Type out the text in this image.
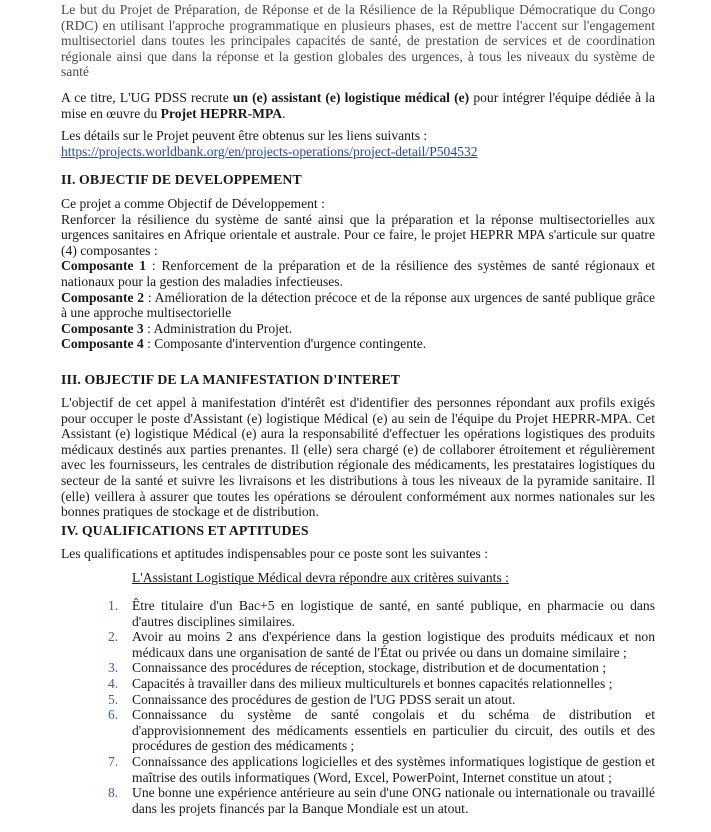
Le but du Projet de Préparation, de Réponse et de la Résilience de la République Démocratique du Congo (RDC) en utilisant l'approche programmatique en plusieurs phases, est de mettre l'accent sur l'engagement multisectoriel dans toutes les principales capacités de santé, de prestation de services et de coordination régionale ainsi que dans la réponse et la gestion globales des urgences, à tous les niveaux du système de santé

A ce titre, L'UG PDSS recrute un (e) assistant (e) logistique médical (e) pour intégrer l'équipe dédiée à la mise en œuvre du Projet HEPRR-MPA.

Les détails sur le Projet peuvent être obtenus sur les liens suivants :

https://projects.worldbank.org/en/projects-operations/project-detail/P504532

II. OBJECTIF DE DEVELOPPEMENT

Ce projet a comme Objectif de Développement :

Renforcer la résilience du système de santé ainsi que la préparation et la réponse multisectorielles aux urgences sanitaires en Afrique orientale et australe. Pour ce faire, le projet HEPRR MPA s'articule sur quatre (4) composantes :

Composante 1 : Renforcement de la préparation et de la résilience des systèmes de santé régionaux et nationaux pour la gestion des maladies infectieuses.

Composante 2 : Amélioration de la détection précoce et de la réponse aux urgences de santé publique grâce à une approche multisectorielle

Composante 3 : Administration du Projet.

Composante 4 : Composante d'intervention d'urgence contingente.

III. OBJECTIF DE LA MANIFESTATION D'INTERET

L'objectif de cet appel à manifestation d'intérêt est d'identifier des personnes répondant aux profils exigés pour occuper le poste d'Assistant (e) logistique Médical (e) au sein de l'équipe du Projet HEPRR-MPA. Cet Assistant (e) logistique Médical (e) aura la responsabilité d'effectuer les opérations logistiques des produits médicaux destinés aux parties prenantes. Il (elle) sera chargé (e) de collaborer étroitement et régulièrement avec les fournisseurs, les centrales de distribution régionale des médicaments, les prestataires logistiques du secteur de la santé et suivre les livraisons et les distributions à tous les niveaux de la pyramide sanitaire. Il (elle) veillera à assurer que toutes les opérations se déroulent conformément aux normes nationales sur les bonnes pratiques de stockage et de distribution.

IV. QUALIFICATIONS ET APTITUDES

Les qualifications et aptitudes indispensables pour ce poste sont les suivantes :

L'Assistant Logistique Médical devra répondre aux critères suivants :

1. Être titulaire d'un Bac+5 en logistique de santé, en santé publique, en pharmacie ou dans d'autres disciplines similaires.
2. Avoir au moins 2 ans d'expérience dans la gestion logistique des produits médicaux et non médicaux dans une organisation de santé de l'État ou privée ou dans un domaine similaire ;
3. Connaissance des procédures de réception, stockage, distribution et de documentation ;
4. Capacités à travailler dans des milieux multiculturels et bonnes capacités relationnelles ;
5. Connaissance des procédures de gestion de l'UG PDSS serait un atout.
6. Connaissance du système de santé congolais et du schéma de distribution et d'approvisionnement des médicaments essentiels en particulier du circuit, des outils et des procédures de gestion des médicaments ;
7. Connaissance des applications logicielles et des systèmes informatiques logistique de gestion et maîtrise des outils informatiques (Word, Excel, PowerPoint, Internet constitue un atout ;
8. Une bonne une expérience antérieure au sein d'une ONG nationale ou internationale ou travaillé dans les projets financés par la Banque Mondiale est un atout.
